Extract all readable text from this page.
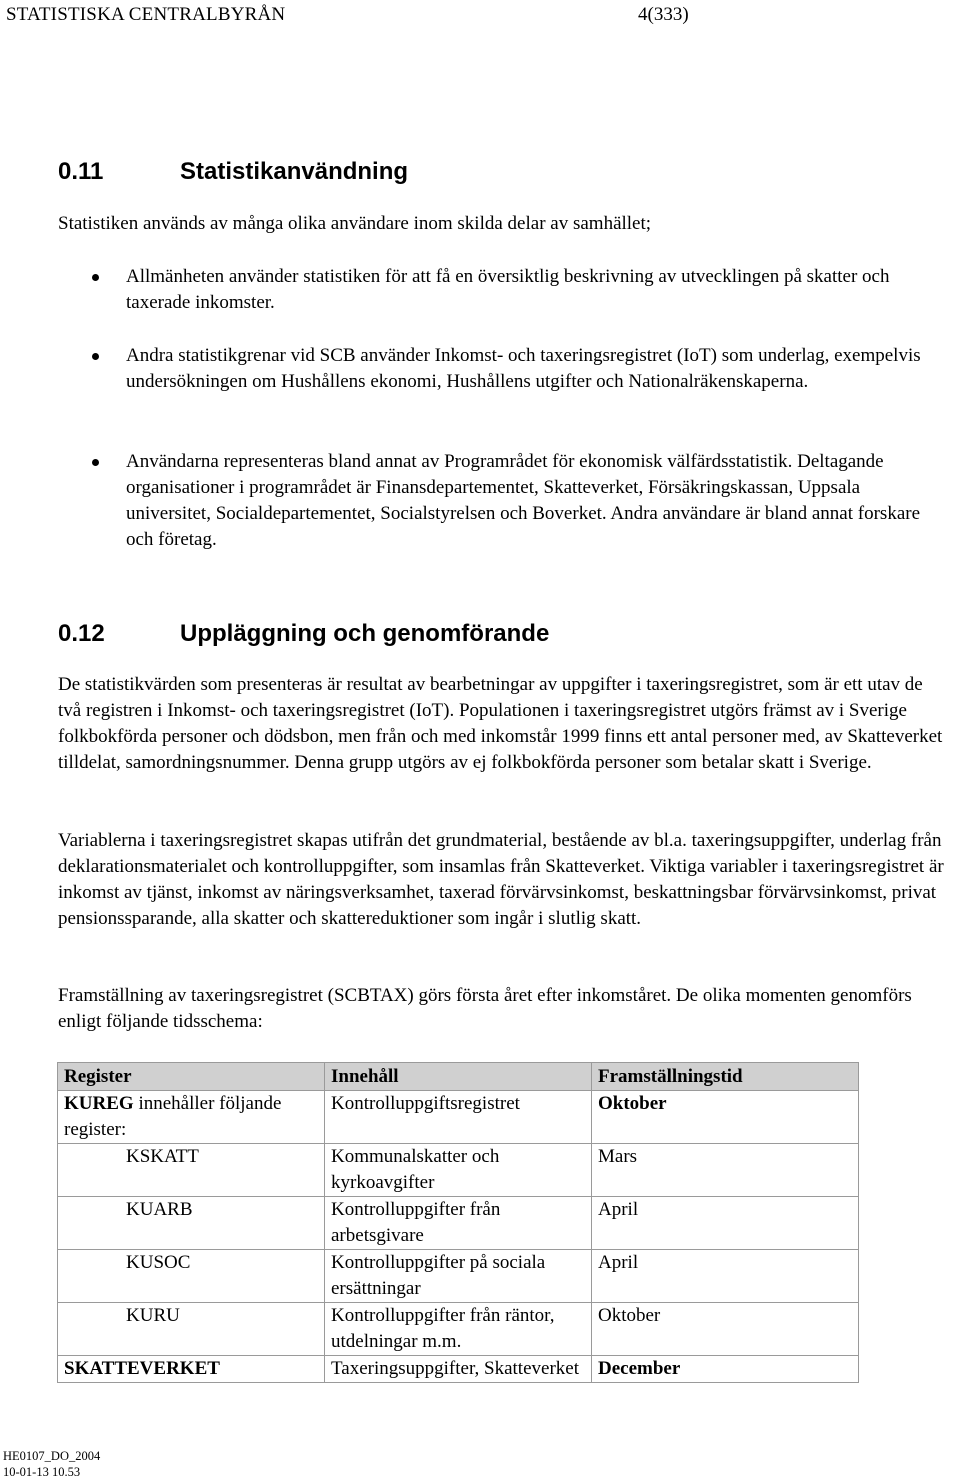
STATISTISKA CENTRALBYRÅN	4(333)
0.11	Statistikanvändning
Statistiken används av många olika användare inom skilda delar av samhället;
Allmänheten använder statistiken för att få en översiktlig beskrivning av utvecklingen på skatter och taxerade inkomster.
Andra statistikgrenar vid SCB använder Inkomst- och taxeringsregistret (IoT) som underlag, exempelvis undersökningen om Hushållens ekonomi, Hushållens utgifter och Nationalräkenskaperna.
Användarna representeras bland annat av Programrådet för ekonomisk välfärdsstatistik. Deltagande organisationer i programrådet är Finansdepartementet, Skatteverket, Försäkringskassan, Uppsala universitet, Socialdepartementet, Socialstyrelsen och Boverket. Andra användare är bland annat forskare och företag.
0.12	Uppläggning och genomförande
De statistikvärden som presenteras är resultat av bearbetningar av uppgifter i taxeringsregistret, som är ett utav de två registren i Inkomst- och taxeringsregistret (IoT). Populationen i taxeringsregistret utgörs främst av i Sverige folkbokförda personer och dödsbon, men från och med inkomstår 1999 finns ett antal personer med, av Skatteverket tilldelat, samordningsnummer. Denna grupp utgörs av ej folkbokförda personer som betalar skatt i Sverige.
Variablerna i taxeringsregistret skapas utifrån det grundmaterial, bestående av bl.a. taxeringsuppgifter, underlag från deklarationsmaterialet och kontrolluppgifter, som insamlas från Skatteverket. Viktiga variabler i taxeringsregistret är inkomst av tjänst, inkomst av näringsverksamhet, taxerad förvärvsinkomst, beskattningsbar förvärvsinkomst, privat pensionssparande, alla skatter och skattereduktioner som ingår i slutlig skatt.
Framställning av taxeringsregistret (SCBTAX) görs första året efter inkomståret. De olika momenten genomförs enligt följande tidsschema:
Register	Innehåll	Framställningstid
KUREG innehåller följande register:	Kontrolluppgiftsregistret	Oktober
KSKATT	Kommunalskatter och kyrkoavgifter	Mars
KUARB	Kontrolluppgifter från arbetsgivare	April
KUSOC	Kontrolluppgifter på sociala ersättningar	April
KURU	Kontrolluppgifter från räntor, utdelningar m.m.	Oktober
SKATTEVERKET	Taxeringsuppgifter, Skatteverket	December
HE0107_DO_2004
10-01-13 10.53
